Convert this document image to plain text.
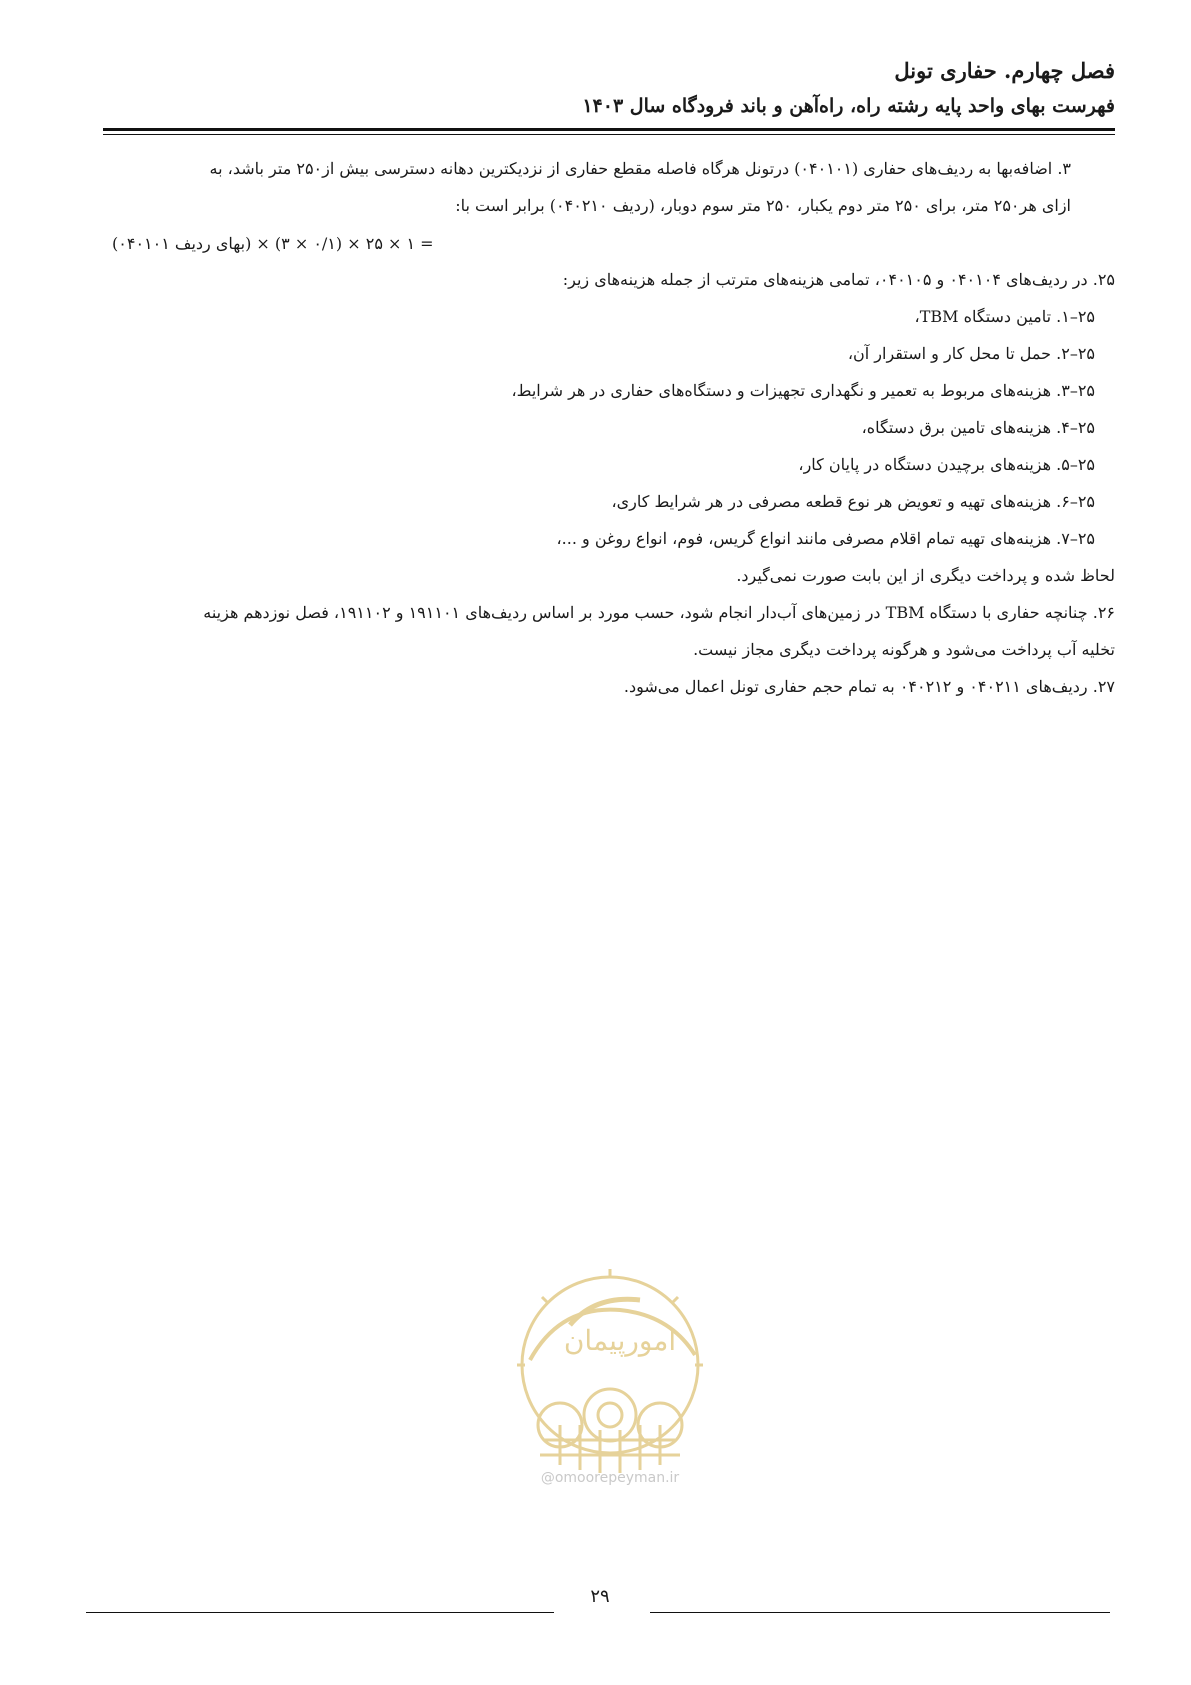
فصل چهارم. حفاری تونل
فهرست بهای واحد پایه رشته راه، راه‌آهن و باند فرودگاه سال ۱۴۰۳
۳. اضافه‌بها به ردیف‌های حفاری (۰۴۰۱۰۱) درتونل هرگاه فاصله مقطع حفاری از نزدیکترین دهانه دسترسی بیش از۲۵۰ متر باشد، به
ازای هر۲۵۰ متر، برای ۲۵۰ متر دوم یکبار، ۲۵۰ متر سوم دوبار، (ردیف ۰۴۰۲۱۰) برابر است با:
= ۱ × ۲۵ × (۰/۱ × ۳) × (بهای ردیف ۰۴۰۱۰۱)
۲۵. در ردیف‌های ۰۴۰۱۰۴ و ۰۴۰۱۰۵، تمامی هزینه‌های مترتب از جمله هزینه‌های زیر:
۲۵–۱. تامین دستگاه TBM،
۲۵–۲. حمل تا محل کار و استقرار آن،
۲۵–۳. هزینه‌های مربوط به تعمیر و نگهداری تجهیزات و دستگاه‌های حفاری در هر شرایط،
۲۵–۴. هزینه‌های تامین برق دستگاه،
۲۵–۵. هزینه‌های برچیدن دستگاه در پایان کار،
۲۵–۶. هزینه‌های تهیه و تعویض هر نوع قطعه مصرفی در هر شرایط کاری،
۲۵–۷. هزینه‌های تهیه تمام اقلام مصرفی مانند انواع گریس، فوم، انواع روغن و ...،
لحاظ شده و پرداخت دیگری از این بابت صورت نمی‌گیرد.
۲۶. چنانچه حفاری با دستگاه TBM در زمین‌های آب‌دار انجام شود، حسب مورد بر اساس ردیف‌های ۱۹۱۱۰۱ و ۱۹۱۱۰۲، فصل نوزدهم هزینه
تخلیه آب پرداخت می‌شود و هرگونه پرداخت دیگری مجاز نیست.
۲۷. ردیف‌های ۰۴۰۲۱۱ و ۰۴۰۲۱۲ به تمام حجم حفاری تونل اعمال می‌شود.
امورپیمان
@omoorepeyman.ir
۲۹
